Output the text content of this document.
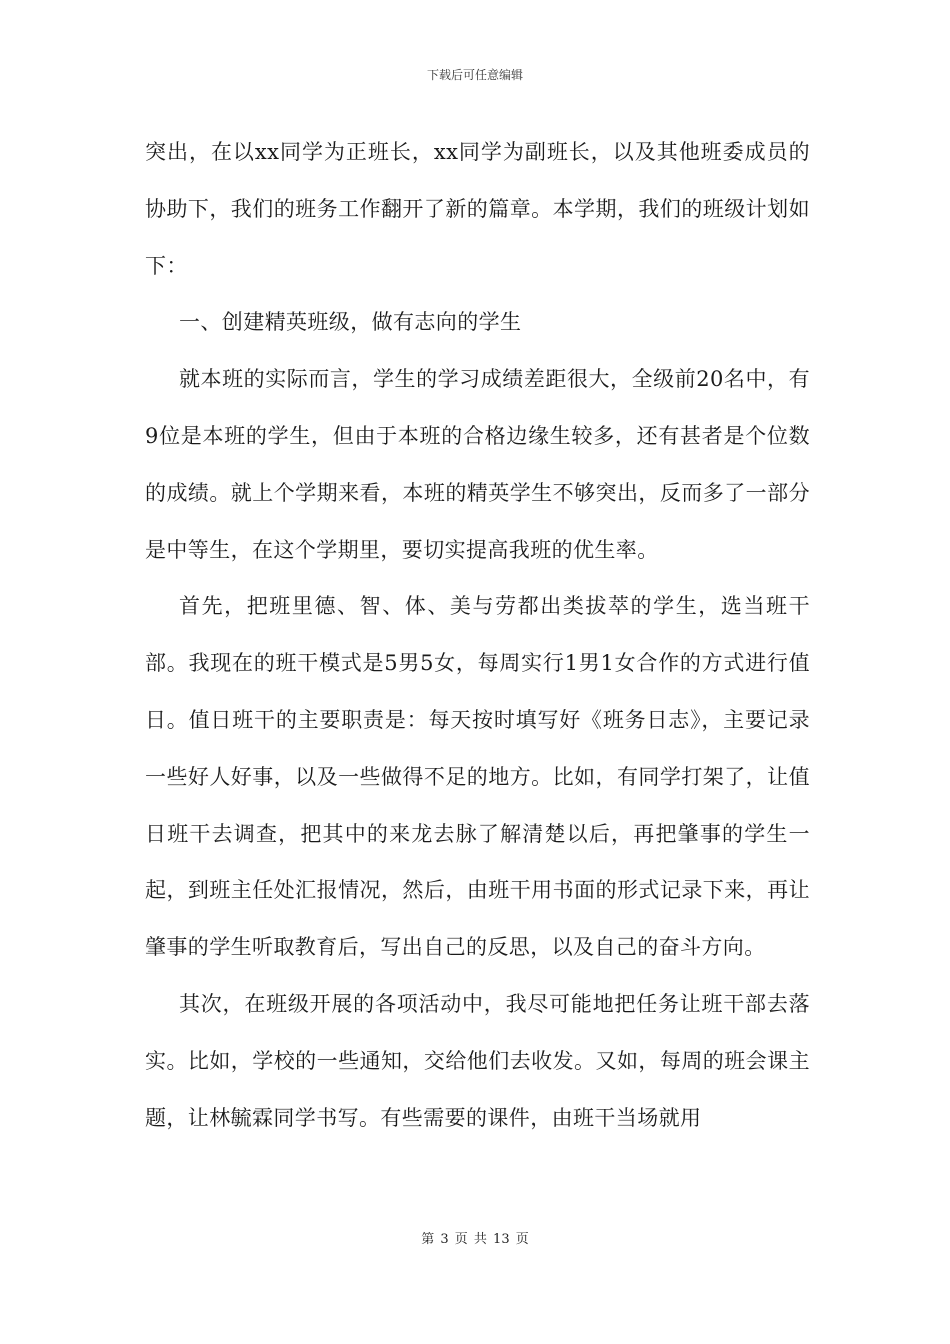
下载后可任意编辑

突出，在以xx同学为正班长，xx同学为副班长，以及其他班委成员的协助下，我们的班务工作翻开了新的篇章。本学期，我们的班级计划如下：

一、创建精英班级，做有志向的学生

就本班的实际而言，学生的学习成绩差距很大，全级前20名中，有9位是本班的学生，但由于本班的合格边缘生较多，还有甚者是个位数的成绩。就上个学期来看，本班的精英学生不够突出，反而多了一部分是中等生，在这个学期里，要切实提高我班的优生率。

首先，把班里德、智、体、美与劳都出类拔萃的学生，选当班干部。我现在的班干模式是5男5女，每周实行1男1女合作的方式进行值日。值日班干的主要职责是：每天按时填写好《班务日志》，主要记录一些好人好事，以及一些做得不足的地方。比如，有同学打架了，让值日班干去调查，把其中的来龙去脉了解清楚以后，再把肇事的学生一起，到班主任处汇报情况，然后，由班干用书面的形式记录下来，再让肇事的学生听取教育后，写出自己的反思，以及自己的奋斗方向。

其次，在班级开展的各项活动中，我尽可能地把任务让班干部去落实。比如，学校的一些通知，交给他们去收发。又如，每周的班会课主题，让林毓霖同学书写。有些需要的课件，由班干当场就用

第 3 页 共 13 页
